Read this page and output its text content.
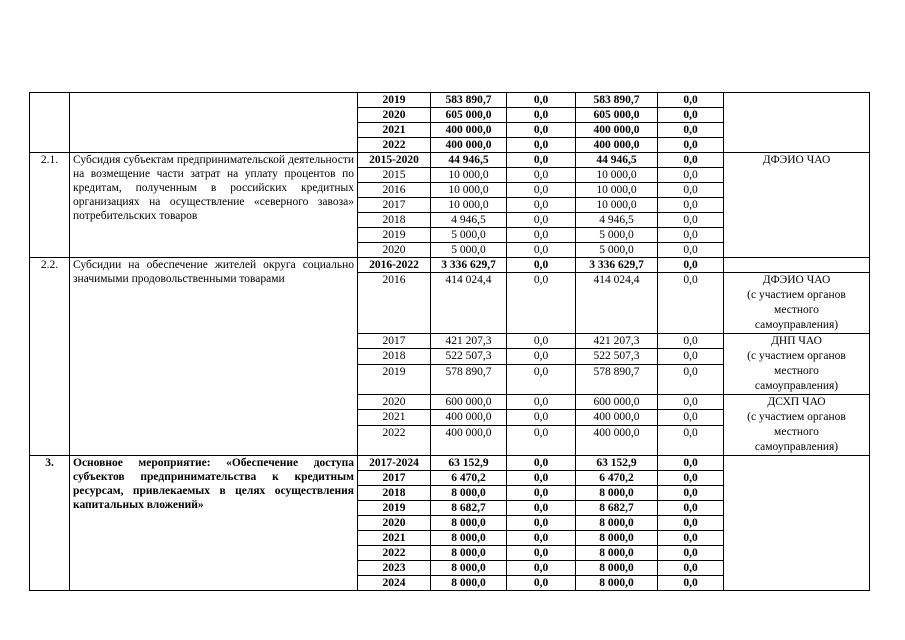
		2019	583 890,7	0,0	583 890,7	0,0	
		2020	605 000,0	0,0	605 000,0	0,0	
		2021	400 000,0	0,0	400 000,0	0,0	
		2022	400 000,0	0,0	400 000,0	0,0	
2.1.	Субсидия субъектам предпринимательской деятельности на возмещение части затрат на уплату процентов по кредитам, полученным в российских кредитных организациях на осуществление «северного завоза» потребительских товаров	2015-2020	44 946,5	0,0	44 946,5	0,0	ДФЭИО ЧАО
		2015	10 000,0	0,0	10 000,0	0,0	
		2016	10 000,0	0,0	10 000,0	0,0	
		2017	10 000,0	0,0	10 000,0	0,0	
		2018	4 946,5	0,0	4 946,5	0,0	
		2019	5 000,0	0,0	5 000,0	0,0	
		2020	5 000,0	0,0	5 000,0	0,0	
2.2.	Субсидии на обеспечение жителей округа социально значимыми продовольственными товарами	2016-2022	3 336 629,7	0,0	3 336 629,7	0,0	
		2016	414 024,4	0,0	414 024,4	0,0	ДФЭИО ЧАО
(с участием органов
местного
самоуправления)

		2017	421 207,3	0,0	421 207,3	0,0	ДНП ЧАО
(с участием органов
местного
самоуправления)

		2018	522 507,3	0,0	522 507,3	0,0	
		2019	578 890,7	0,0	578 890,7	0,0	
		2020	600 000,0	0,0	600 000,0	0,0	ДСХП ЧАО
(с участием органов
местного
самоуправления)

		2021	400 000,0	0,0	400 000,0	0,0	
		2022	400 000,0	0,0	400 000,0	0,0	
3.	Основное мероприятие: «Обеспечение доступа субъектов предпринимательства к кредитным ресурсам, привлекаемых в целях осуществления капитальных вложений»	2017-2024	63 152,9	0,0	63 152,9	0,0	
		2017	6 470,2	0,0	6 470,2	0,0	
		2018	8 000,0	0,0	8 000,0	0,0	
		2019	8 682,7	0,0	8 682,7	0,0	
		2020	8 000,0	0,0	8 000,0	0,0	
		2021	8 000,0	0,0	8 000,0	0,0	
		2022	8 000,0	0,0	8 000,0	0,0	
		2023	8 000,0	0,0	8 000,0	0,0	
		2024	8 000,0	0,0	8 000,0	0,0	
